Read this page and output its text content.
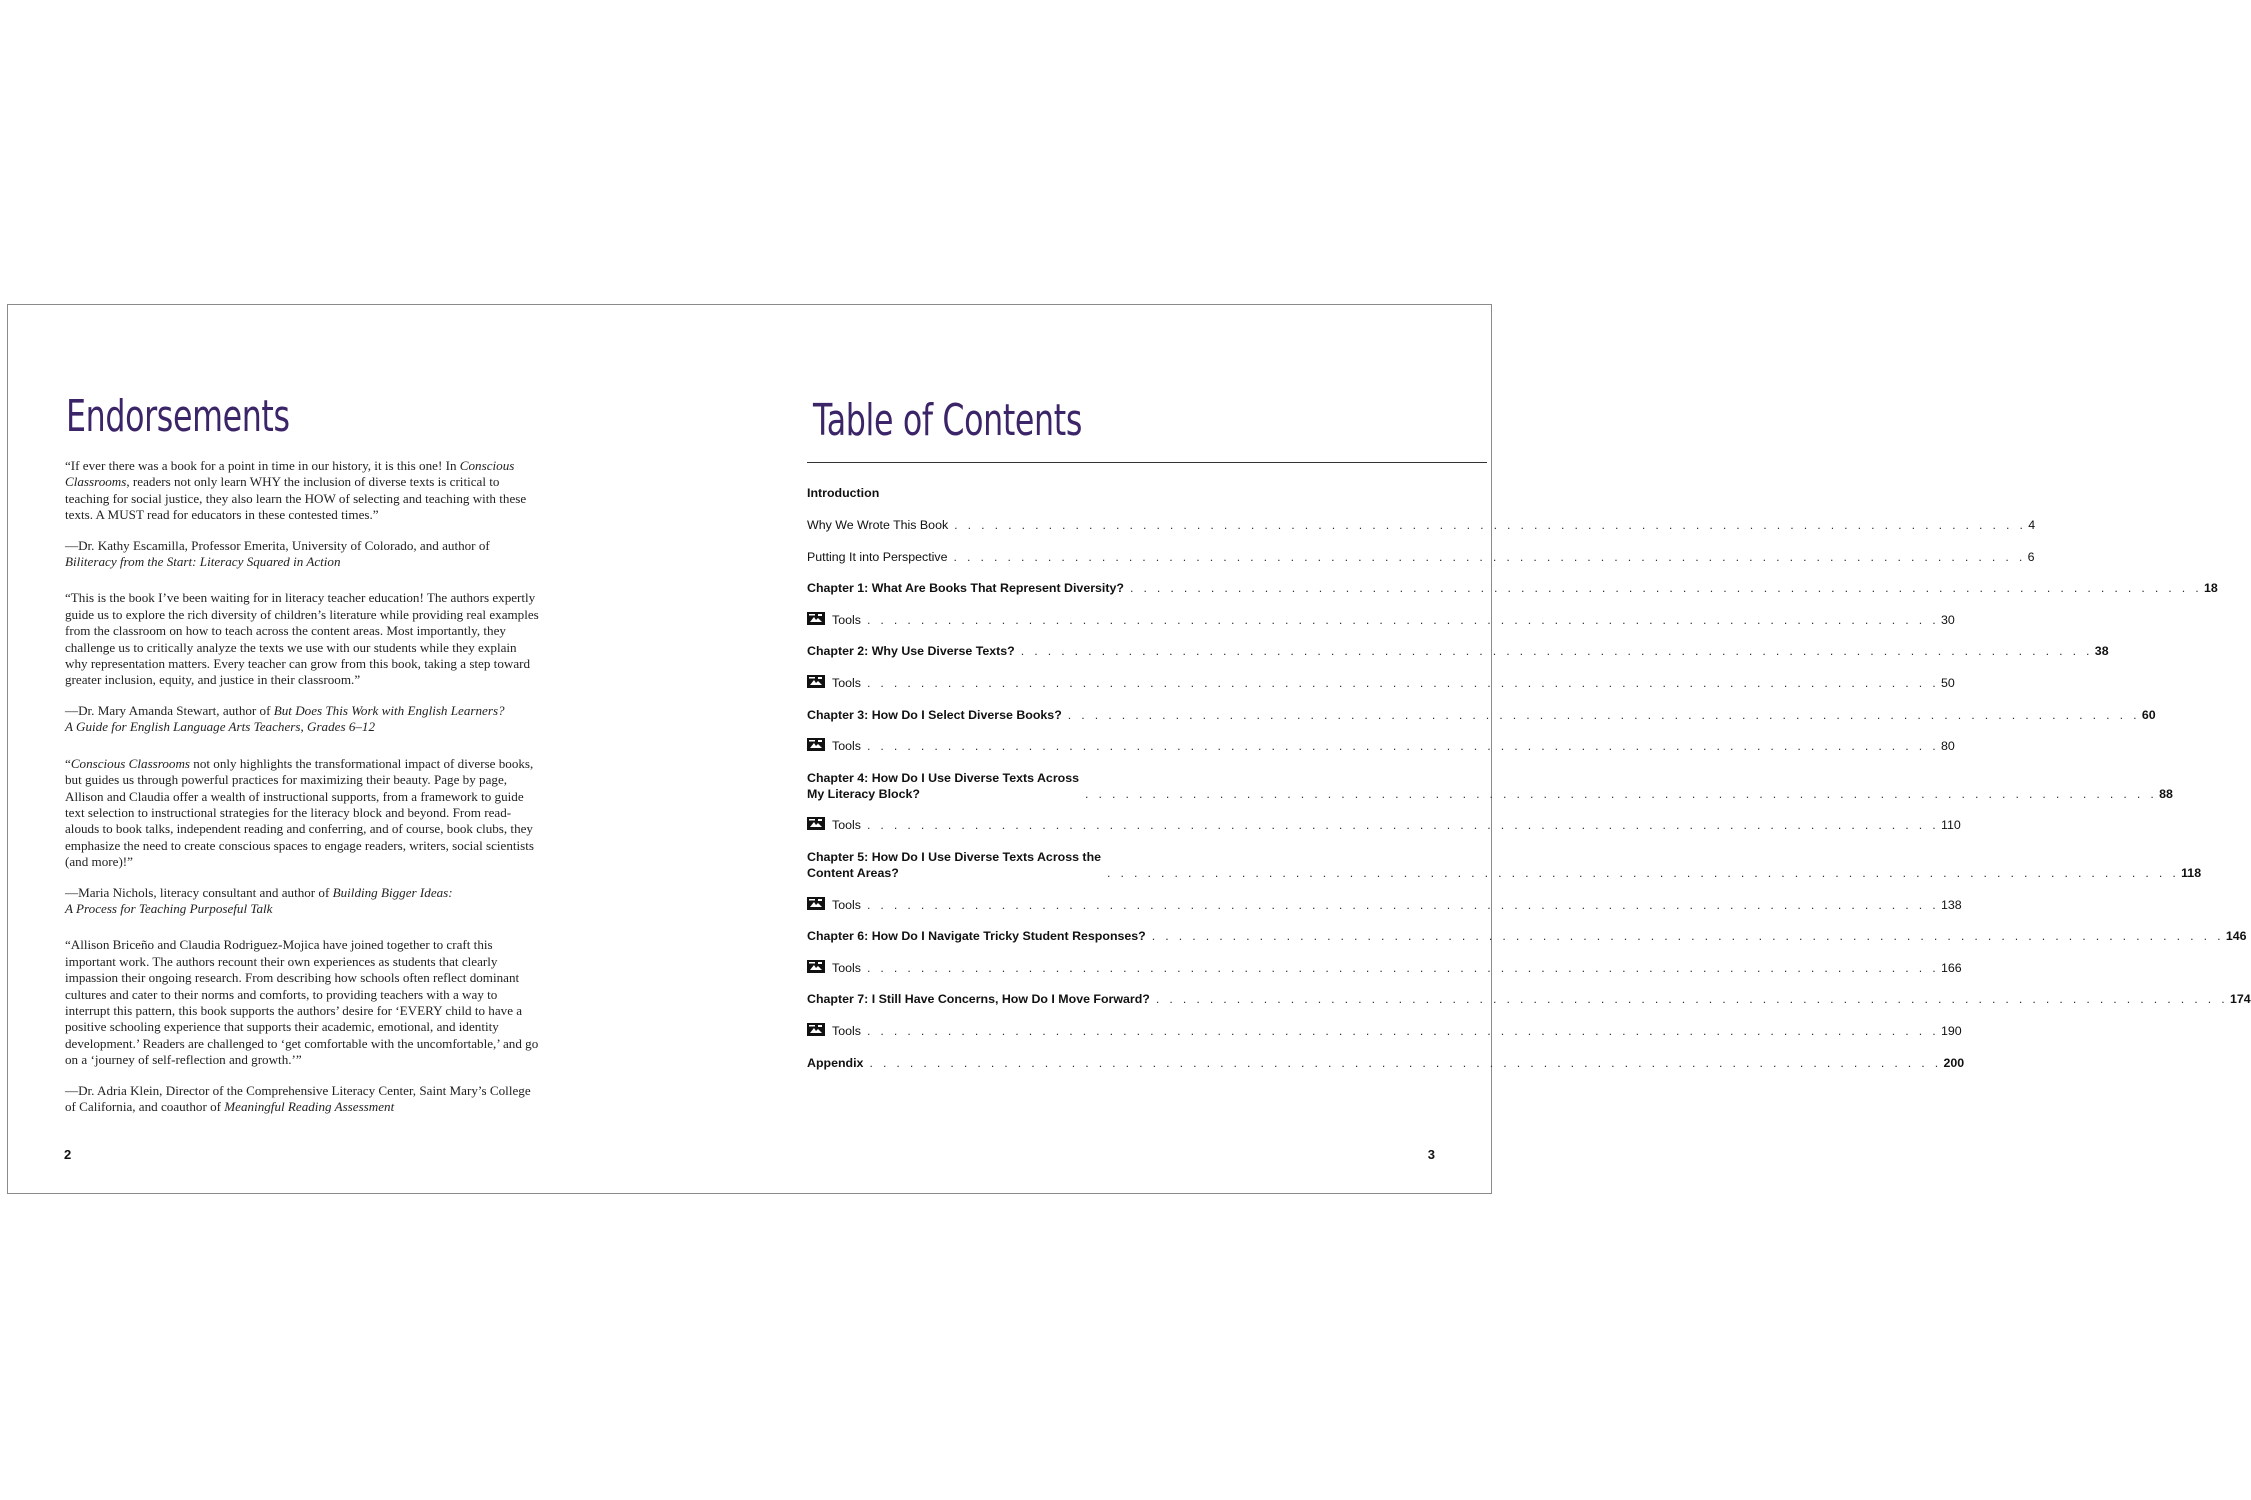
Endorsements

“If ever there was a book for a point in time in our history, it is this one! In Conscious Classrooms, readers not only learn WHY the inclusion of diverse texts is critical to teaching for social justice, they also learn the HOW of selecting and teaching with these texts. A MUST read for educators in these contested times.”

—Dr. Kathy Escamilla, Professor Emerita, University of Colorado, and author of Biliteracy from the Start: Literacy Squared in Action

“This is the book I’ve been waiting for in literacy teacher education! The authors expertly guide us to explore the rich diversity of children’s literature while providing real examples from the classroom on how to teach across the content areas. Most importantly, they challenge us to critically analyze the texts we use with our students while they explain why representation matters. Every teacher can grow from this book, taking a step toward greater inclusion, equity, and justice in their classroom.”

—Dr. Mary Amanda Stewart, author of But Does This Work with English Learners?
A Guide for English Language Arts Teachers, Grades 6–12

“Conscious Classrooms not only highlights the transformational impact of diverse books, but guides us through powerful practices for maximizing their beauty. Page by page, Allison and Claudia offer a wealth of instructional supports, from a framework to guide text selection to instructional strategies for the literacy block and beyond. From read-alouds to book talks, independent reading and conferring, and of course, book clubs, they emphasize the need to create conscious spaces to engage readers, writers, social scientists (and more)!”

—Maria Nichols, literacy consultant and author of Building Bigger Ideas:
A Process for Teaching Purposeful Talk

“Allison Briceño and Claudia Rodriguez-Mojica have joined together to craft this important work. The authors recount their own experiences as students that clearly impassion their ongoing research. From describing how schools often reflect dominant cultures and cater to their norms and comforts, to providing teachers with a way to interrupt this pattern, this book supports the authors’ desire for ‘EVERY child to have a positive schooling experience that supports their academic, emotional, and identity development.’ Readers are challenged to ‘get comfortable with the uncomfortable,’ and go on a ‘journey of self-reflection and growth.’”

—Dr. Adria Klein, Director of the Comprehensive Literacy Center, Saint Mary’s College of California, and coauthor of Meaningful Reading Assessment

2
Table of Contents
Introduction
Why We Wrote This Book . . . . . . . . . . . . . . . . . . . . . . . . . . . . . . . . . . . . . . . . . . . . . . . . . . . . . . . . . . . . . . . . . . . . . . . . . . . . . . . . 4
Putting It into Perspective . . . . . . . . . . . . . . . . . . . . . . . . . . . . . . . . . . . . . . . . . . . . . . . . . . . . . . . . . . . . . . . . . . . . . . . . . . . . . . . . 6
Chapter 1: What Are Books That Represent Diversity? . . . . . . . . . . . . . . . . . . . . . . . . . . . . . . . . . . . . . . . . . . . . . . . . . . . . . . . . . . . . . . . . . . . . . . . . . . . . . . . . 18
Tools . . . . . . . . . . . . . . . . . . . . . . . . . . . . . . . . . . . . . . . . . . . . . . . . . . . . . . . . . . . . . . . . . . . . . . . . . . . . . . . . 30
Chapter 2: Why Use Diverse Texts? . . . . . . . . . . . . . . . . . . . . . . . . . . . . . . . . . . . . . . . . . . . . . . . . . . . . . . . . . . . . . . . . . . . . . . . . . . . . . . . . 38
Tools . . . . . . . . . . . . . . . . . . . . . . . . . . . . . . . . . . . . . . . . . . . . . . . . . . . . . . . . . . . . . . . . . . . . . . . . . . . . . . . . 50
Chapter 3: How Do I Select Diverse Books? . . . . . . . . . . . . . . . . . . . . . . . . . . . . . . . . . . . . . . . . . . . . . . . . . . . . . . . . . . . . . . . . . . . . . . . . . . . . . . . . 60
Tools . . . . . . . . . . . . . . . . . . . . . . . . . . . . . . . . . . . . . . . . . . . . . . . . . . . . . . . . . . . . . . . . . . . . . . . . . . . . . . . . 80
Chapter 4: How Do I Use Diverse Texts Across
My Literacy Block?	. . . . . . . . . . . . . . . . . . . . . . . . . . . . . . . . . . . . . . . . . . . . . . . . . . . . . . . . . . . . . . . . . . . . . . . . . . . . . . . . 88
Tools . . . . . . . . . . . . . . . . . . . . . . . . . . . . . . . . . . . . . . . . . . . . . . . . . . . . . . . . . . . . . . . . . . . . . . . . . . . . . . . . 110
Chapter 5: How Do I Use Diverse Texts Across the
Content Areas?	. . . . . . . . . . . . . . . . . . . . . . . . . . . . . . . . . . . . . . . . . . . . . . . . . . . . . . . . . . . . . . . . . . . . . . . . . . . . . . . . 118
Tools . . . . . . . . . . . . . . . . . . . . . . . . . . . . . . . . . . . . . . . . . . . . . . . . . . . . . . . . . . . . . . . . . . . . . . . . . . . . . . . . 138
Chapter 6: How Do I Navigate Tricky Student Responses? . . . . . . . . . . . . . . . . . . . . . . . . . . . . . . . . . . . . . . . . . . . . . . . . . . . . . . . . . . . . . . . . . . . . . . . . . . . . . . . . 146
Tools . . . . . . . . . . . . . . . . . . . . . . . . . . . . . . . . . . . . . . . . . . . . . . . . . . . . . . . . . . . . . . . . . . . . . . . . . . . . . . . . 166
Chapter 7: I Still Have Concerns, How Do I Move Forward? . . . . . . . . . . . . . . . . . . . . . . . . . . . . . . . . . . . . . . . . . . . . . . . . . . . . . . . . . . . . . . . . . . . . . . . . . . . . . . . . 174
Tools . . . . . . . . . . . . . . . . . . . . . . . . . . . . . . . . . . . . . . . . . . . . . . . . . . . . . . . . . . . . . . . . . . . . . . . . . . . . . . . . 190
Appendix . . . . . . . . . . . . . . . . . . . . . . . . . . . . . . . . . . . . . . . . . . . . . . . . . . . . . . . . . . . . . . . . . . . . . . . . . . . . . . . . 200
3
